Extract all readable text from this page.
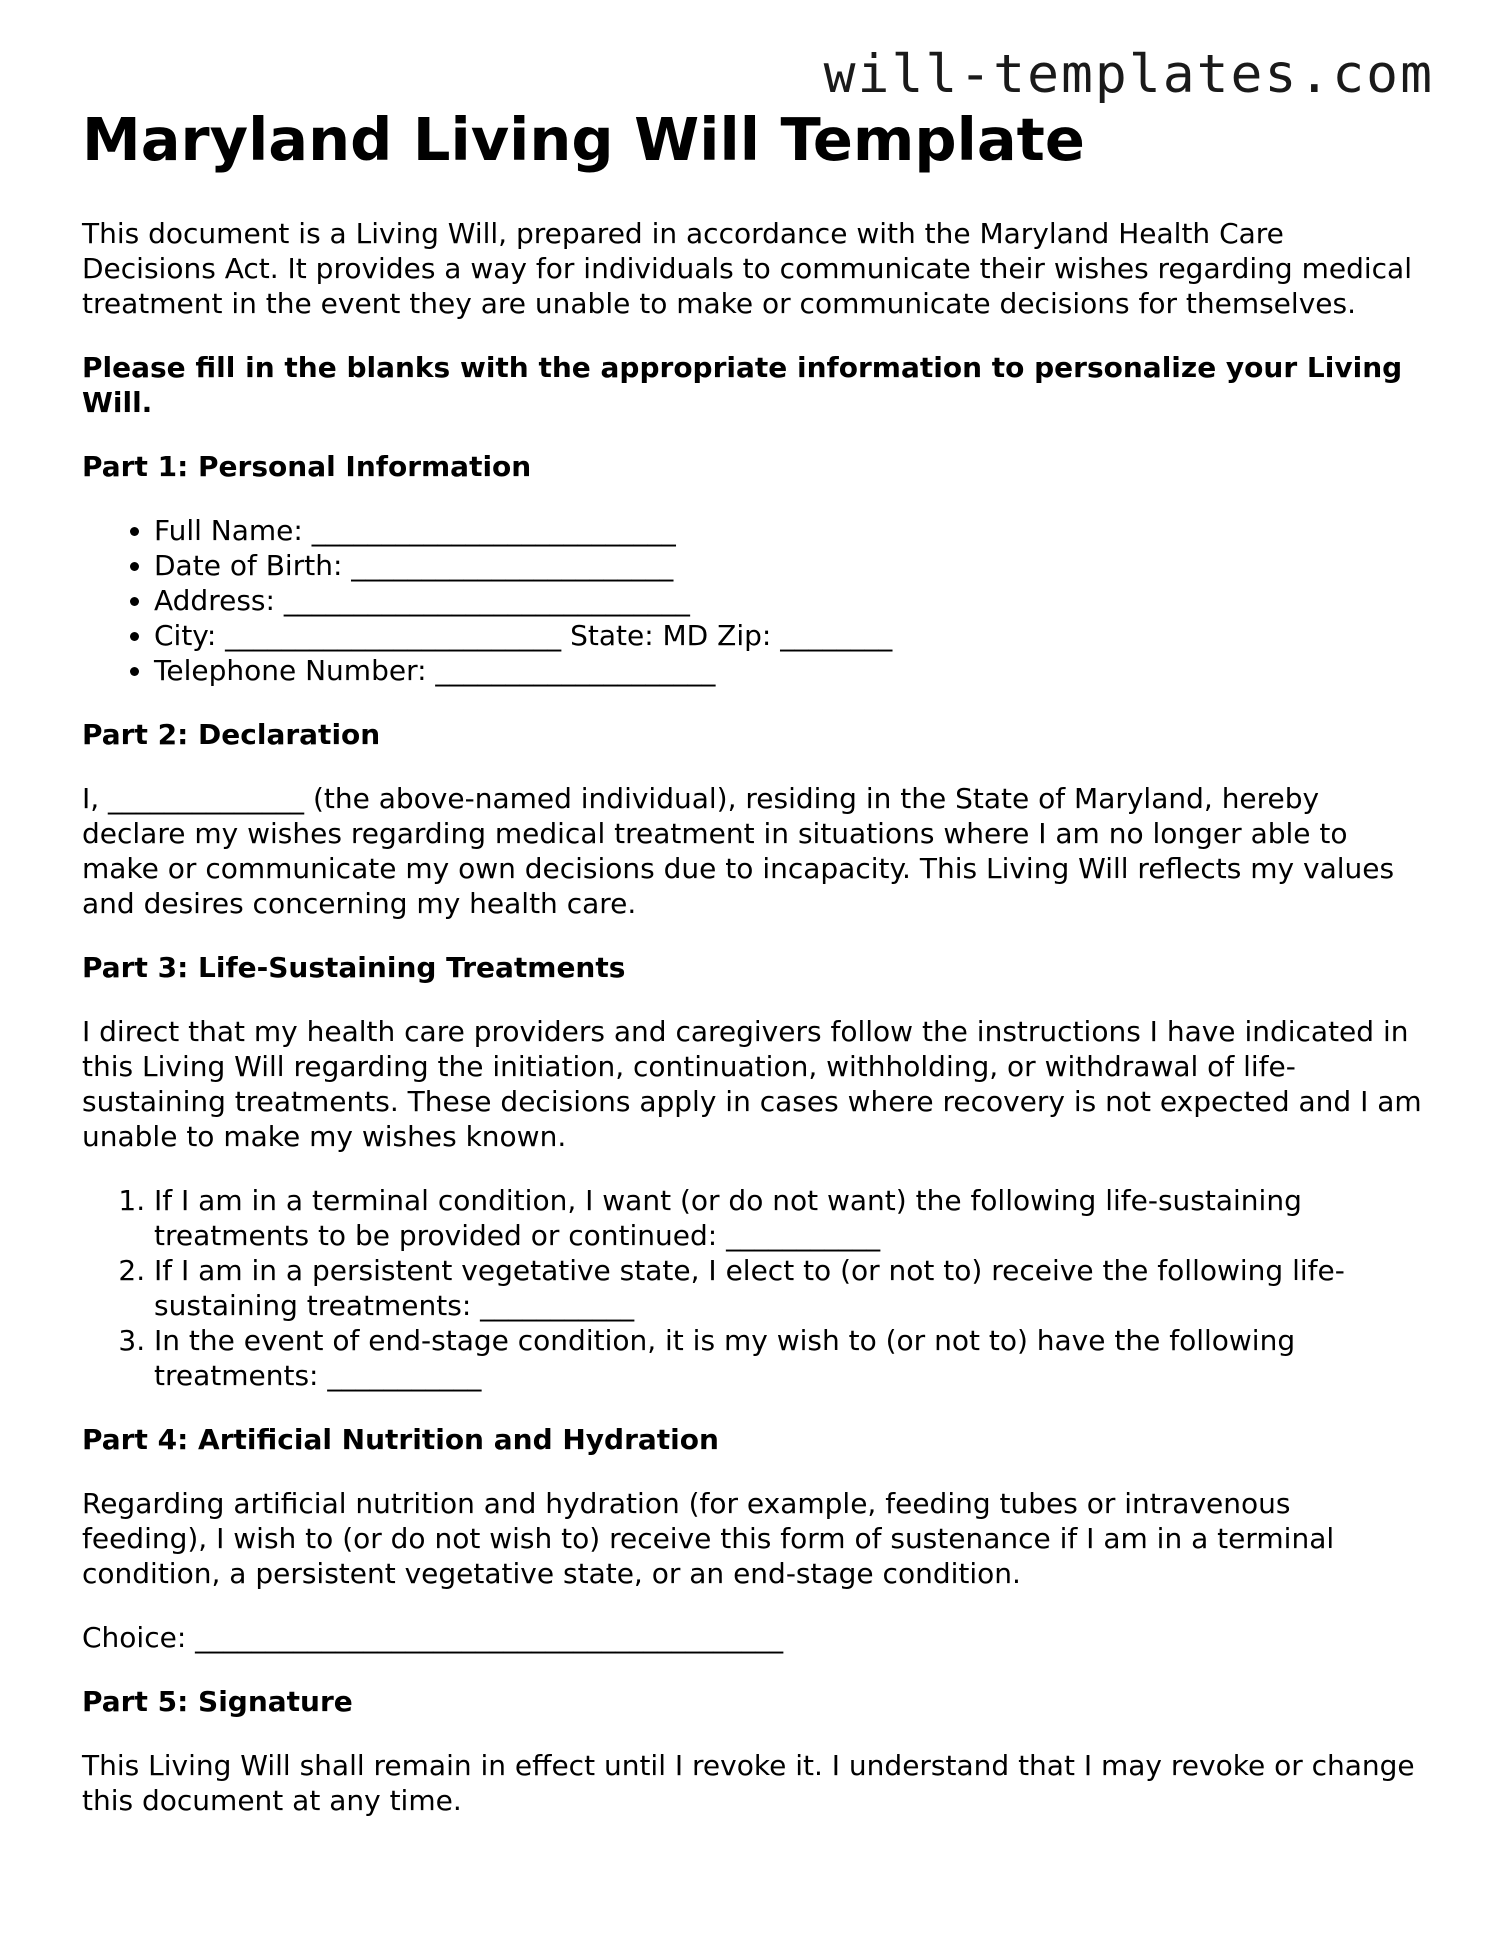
will-templates.com
Maryland Living Will Template

This document is a Living Will, prepared in accordance with the Maryland Health Care Decisions Act. It provides a way for individuals to communicate their wishes regarding medical treatment in the event they are unable to make or communicate decisions for themselves.

Please fill in the blanks with the appropriate information to personalize your Living Will.

Part 1: Personal Information
• Full Name: __________________________
• Date of Birth: _______________________
• Address: _____________________________
• City: ________________________ State: MD Zip: ________
• Telephone Number: ____________________
Part 2: Declaration

I, ______________ (the above-named individual), residing in the State of Maryland, hereby declare my wishes regarding medical treatment in situations where I am no longer able to make or communicate my own decisions due to incapacity. This Living Will reflects my values and desires concerning my health care.

Part 3: Life-Sustaining Treatments

I direct that my health care providers and caregivers follow the instructions I have indicated in this Living Will regarding the initiation, continuation, withholding, or withdrawal of life-sustaining treatments. These decisions apply in cases where recovery is not expected and I am unable to make my wishes known.

1. If I am in a terminal condition, I want (or do not want) the following life-sustaining treatments to be provided or continued: ___________
2. If I am in a persistent vegetative state, I elect to (or not to) receive the following life-sustaining treatments: ___________
3. In the event of end-stage condition, it is my wish to (or not to) have the following treatments: ___________
Part 4: Artificial Nutrition and Hydration

Regarding artificial nutrition and hydration (for example, feeding tubes or intravenous feeding), I wish to (or do not wish to) receive this form of sustenance if I am in a terminal condition, a persistent vegetative state, or an end-stage condition.

Choice: __________________________________________

Part 5: Signature

This Living Will shall remain in effect until I revoke it. I understand that I may revoke or change this document at any time.
